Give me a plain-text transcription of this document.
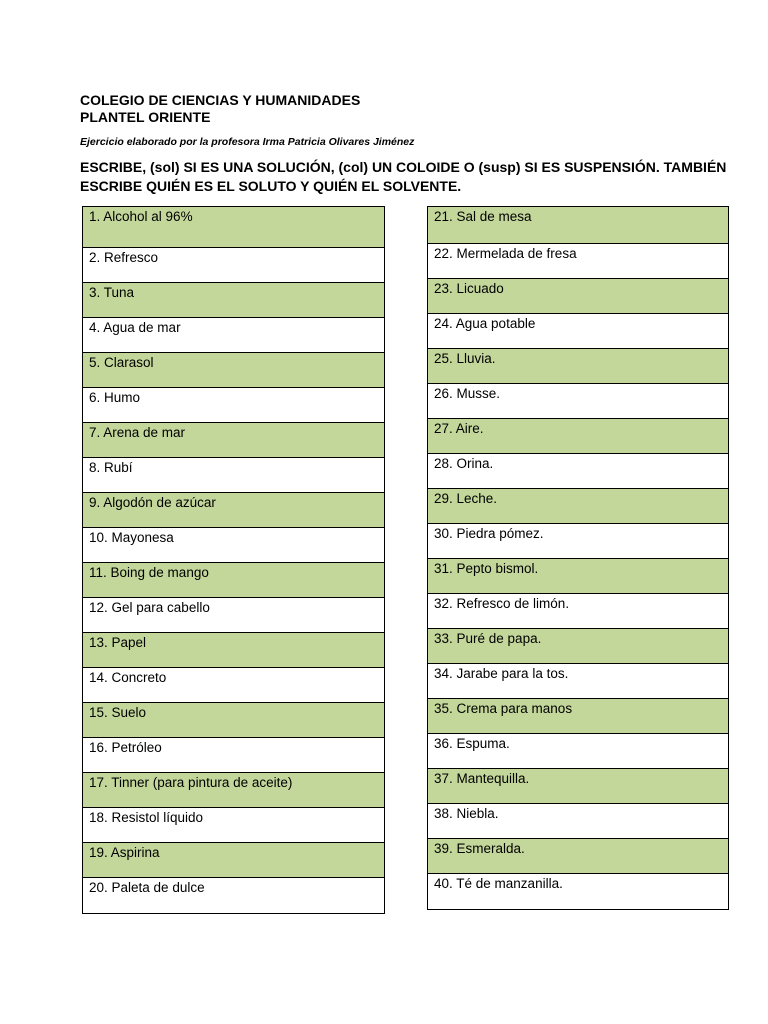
COLEGIO DE CIENCIAS Y HUMANIDADES
PLANTEL ORIENTE
Ejercicio elaborado por la profesora Irma Patricia Olivares Jiménez
ESCRIBE, (sol) SI ES UNA SOLUCIÓN, (col) UN COLOIDE O (susp) SI ES SUSPENSIÓN. TAMBIÉN ESCRIBE QUIÉN ES EL SOLUTO Y QUIÉN EL SOLVENTE.
1. Alcohol al 96%
2. Refresco
3. Tuna
4. Agua de mar
5. Clarasol
6. Humo
7. Arena de mar
8. Rubí
9. Algodón de azúcar
10. Mayonesa
11. Boing de mango
12. Gel para cabello
13. Papel
14. Concreto
15. Suelo
16. Petróleo
17. Tinner (para pintura de aceite)
18. Resistol líquido
19. Aspirina
20. Paleta de dulce
21. Sal de mesa
22. Mermelada de fresa
23. Licuado
24. Agua potable
25. Lluvia.
26. Musse.
27. Aire.
28. Orina.
29. Leche.
30. Piedra pómez.
31. Pepto bismol.
32. Refresco de limón.
33. Puré de papa.
34. Jarabe para la tos.
35. Crema para manos
36. Espuma.
37. Mantequilla.
38. Niebla.
39. Esmeralda.
40. Té de manzanilla.
